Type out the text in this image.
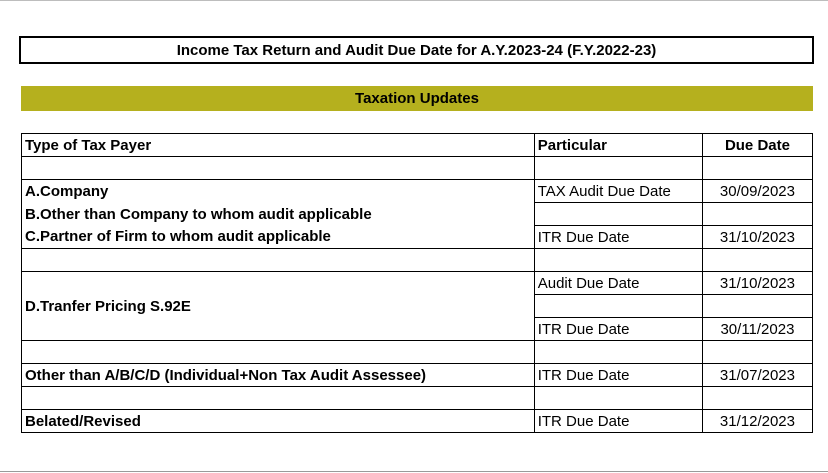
Income Tax Return and Audit Due Date for A.Y.2023-24 (F.Y.2022-23)
Taxation Updates
Type of Tax Payer	Particular	Due Date

A.Company	TAX Audit Due Date	30/09/2023
B.Other than Company to whom audit applicable		
C.Partner of Firm to whom audit applicable	ITR Due Date	31/10/2023

	Audit Due Date	31/10/2023
D.Tranfer Pricing S.92E		
	ITR Due Date	30/11/2023

Other than A/B/C/D (Individual+Non Tax Audit Assessee)	ITR Due Date	31/07/2023

Belated/Revised	ITR Due Date	31/12/2023
